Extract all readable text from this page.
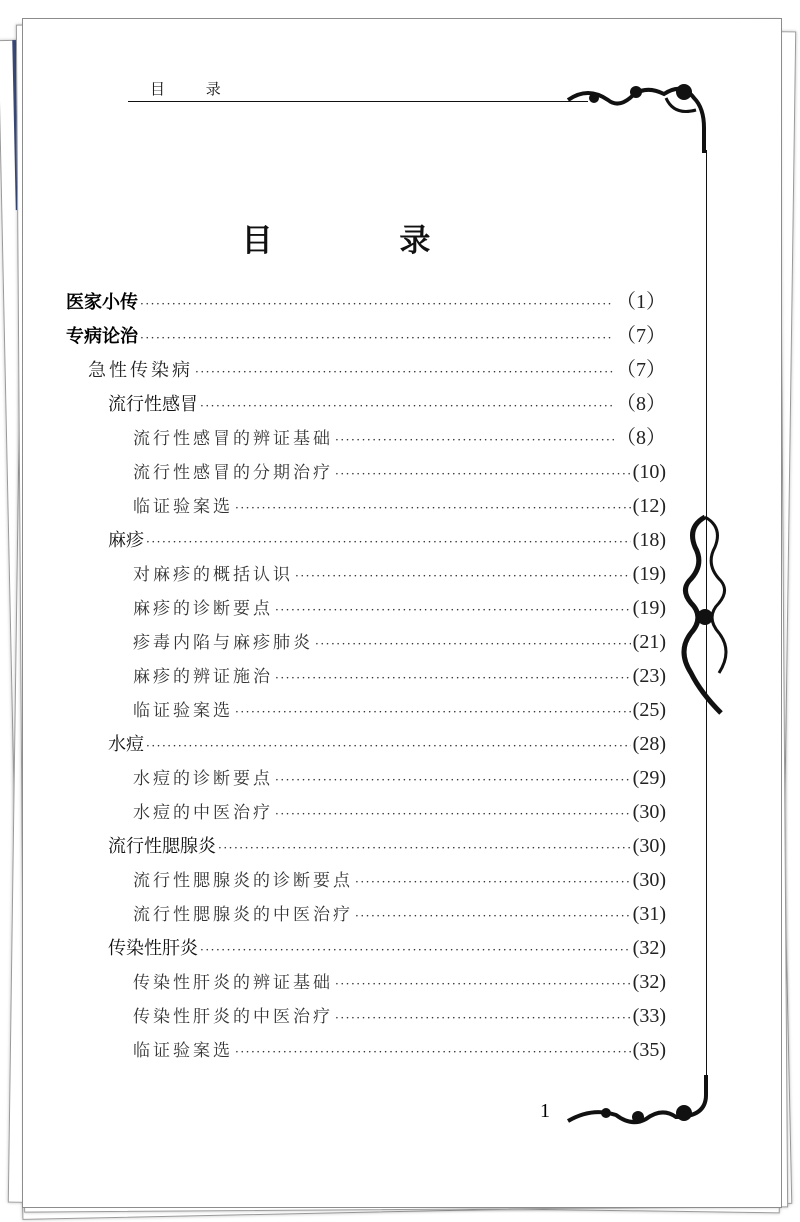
目 录
目 录
医家小传 ·····	（1）
专病论治 ·····	（7）
急性传染病 ·····	（7）
流行性感冒 ·····	（8）
流行性感冒的辨证基础 ·····	（8）
流行性感冒的分期治疗 ·····	(10)
临证验案选 ·····	(12)
麻疹 ·····	(18)
对麻疹的概括认识 ·····	(19)
麻疹的诊断要点 ·····	(19)
疹毒内陷与麻疹肺炎 ·····	(21)
麻疹的辨证施治 ·····	(23)
临证验案选 ·····	(25)
水痘 ·····	(28)
水痘的诊断要点 ·····	(29)
水痘的中医治疗 ·····	(30)
流行性腮腺炎 ·····	(30)
流行性腮腺炎的诊断要点 ·····	(30)
流行性腮腺炎的中医治疗 ·····	(31)
传染性肝炎 ·····	(32)
传染性肝炎的辨证基础 ·····	(32)
传染性肝炎的中医治疗 ·····	(33)
临证验案选 ·····	(35)
1
